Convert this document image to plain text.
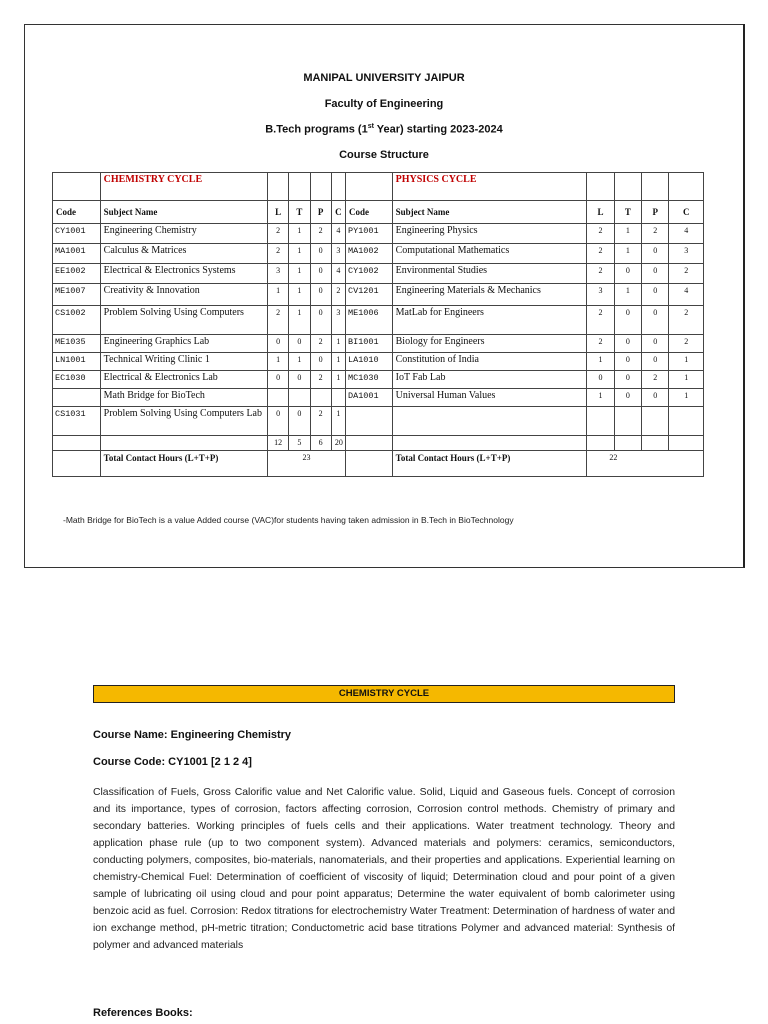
MANIPAL UNIVERSITY JAIPUR
Faculty of Engineering
B.Tech programs (1st Year) starting 2023-2024
Course Structure
	CHEMISTRY CYCLE						PHYSICS CYCLE				
Code	Subject Name	L	T	P	C	Code	Subject Name	L	T	P	C
CY1001	Engineering Chemistry	2	1	2	4	PY1001	Engineering Physics	2	1	2	4
MA1001	Calculus & Matrices	2	1	0	3	MA1002	Computational Mathematics	2	1	0	3
EE1002	Electrical & Electronics Systems	3	1	0	4	CY1002	Environmental Studies	2	0	0	2
ME1007	Creativity & Innovation	1	1	0	2	CV1201	Engineering Materials & Mechanics	3	1	0	4
CS1002	Problem Solving Using Computers	2	1	0	3	ME1006	MatLab for Engineers	2	0	0	2
ME1035	Engineering Graphics Lab	0	0	2	1	BI1001	Biology for Engineers	2	0	0	2
LN1001	Technical Writing Clinic 1	1	1	0	1	LA1010	Constitution of India	1	0	0	1
EC1030	Electrical & Electronics Lab	0	0	2	1	MC1030	IoT Fab Lab	0	0	2	1
	Math Bridge for BioTech					DA1001	Universal Human Values	1	0	0	1
CS1031	Problem Solving Using Computers Lab	0	0	2	1						
		12	5	6	20						
	Total Contact Hours (L+T+P)	23					Total Contact Hours (L+T+P)	22			
-Math Bridge for BioTech is a value Added course (VAC)for students having taken admission in B.Tech in BioTechnology
CHEMISTRY CYCLE
Course Name: Engineering Chemistry
Course Code: CY1001 [2 1 2 4]
Classification of Fuels, Gross Calorific value and Net Calorific value. Solid, Liquid and Gaseous fuels. Concept of corrosion and its importance, types of corrosion, factors affecting corrosion, Corrosion control methods. Chemistry of primary and secondary batteries. Working principles of fuels cells and their applications. Water treatment technology. Theory and application phase rule (up to two component system). Advanced materials and polymers: ceramics, semiconductors, conducting polymers, composites, bio-materials, nanomaterials, and their properties and applications. Experiential learning on chemistry-Chemical Fuel: Determination of coefficient of viscosity of liquid; Determination cloud and pour point of a given sample of lubricating oil using cloud and pour point apparatus; Determine the water equivalent of bomb calorimeter using benzoic acid as fuel. Corrosion: Redox titrations for electrochemistry Water Treatment: Determination of hardness of water and ion exchange method, pH-metric titration; Conductometric acid base titrations Polymer and advanced material: Synthesis of polymer and advanced materials
References Books:
